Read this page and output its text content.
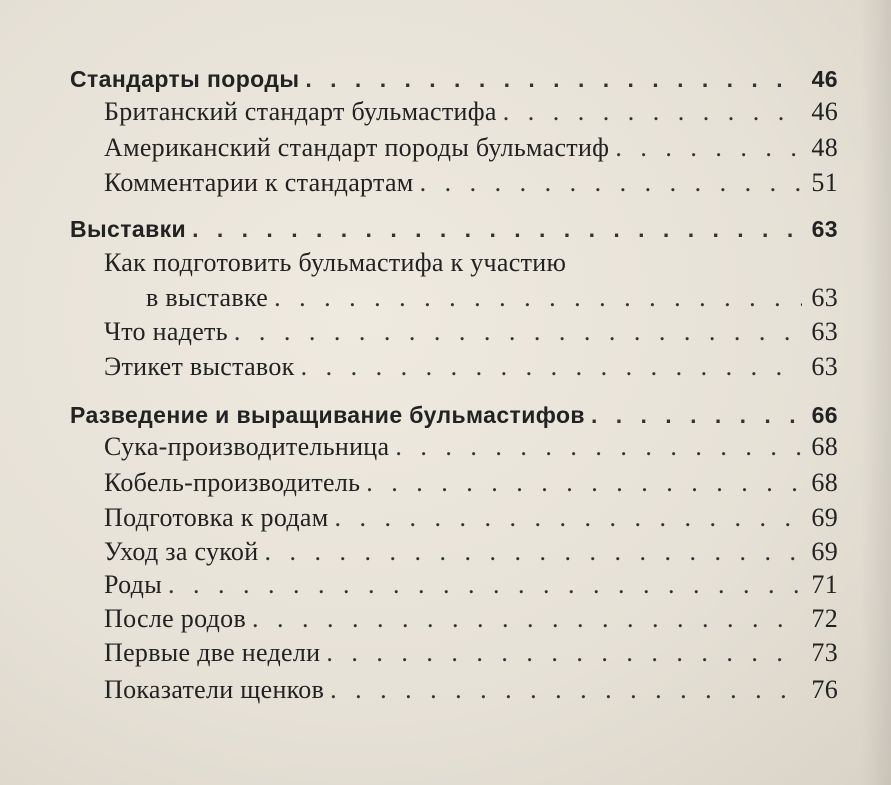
Стандарты породы . . .	46
Британский стандарт бульмастифа . . .	46
Американский стандарт породы бульмастиф . . .	48
Комментарии к стандартам . . .	51
Выставки . . .	63
Как подготовить бульмастифа к участию
в выставке . . .	63
Что надеть . . .	63
Этикет выставок . . .	63
Разведение и выращивание бульмастифов . . .	66
Сука-производительница . . .	68
Кобель-производитель . . .	68
Подготовка к родам . . .	69
Уход за сукой . . .	69
Роды . . .	71
После родов . . .	72
Первые две недели . . .	73
Показатели щенков . . .	76
